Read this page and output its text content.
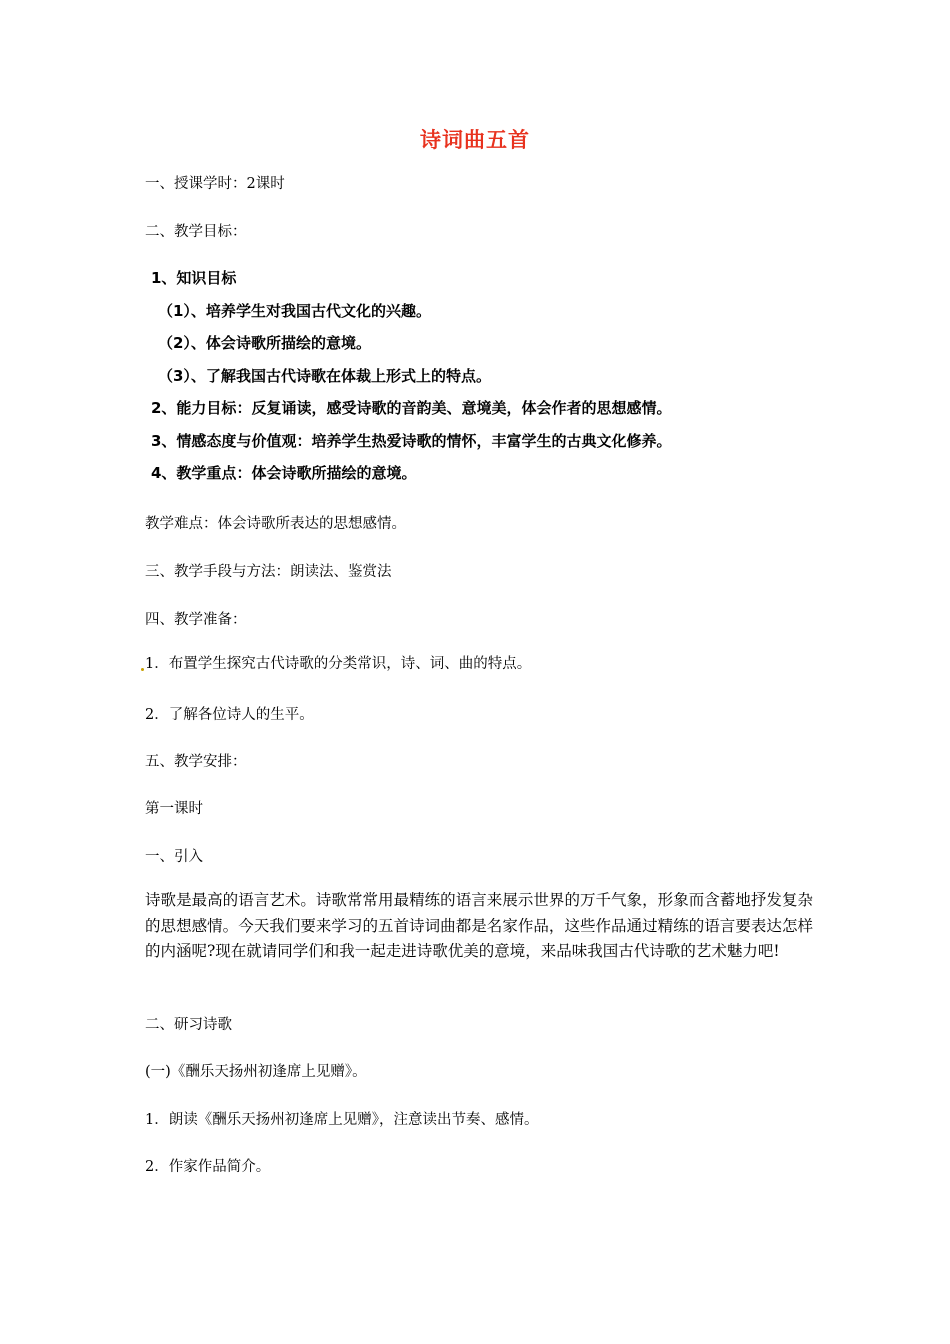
诗词曲五首
一、授课学时：2课时
二、教学目标：
1、知识目标
（1）、培养学生对我国古代文化的兴趣。
（2）、体会诗歌所描绘的意境。
（3）、了解我国古代诗歌在体裁上形式上的特点。
2、能力目标：反复诵读，感受诗歌的音韵美、意境美，体会作者的思想感情。
3、情感态度与价值观：培养学生热爱诗歌的情怀，丰富学生的古典文化修养。
4、教学重点：体会诗歌所描绘的意境。
教学难点：体会诗歌所表达的思想感情。
三、教学手段与方法：朗读法、鉴赏法
四、教学准备：
1．布置学生探究古代诗歌的分类常识，诗、词、曲的特点。
2．了解各位诗人的生平。
五、教学安排：
第一课时
一、引入
诗歌是最高的语言艺术。诗歌常常用最精练的语言来展示世界的万千气象，形象而含蓄地抒发复杂的思想感情。今天我们要来学习的五首诗词曲都是名家作品，这些作品通过精练的语言要表达怎样的内涵呢?现在就请同学们和我一起走进诗歌优美的意境，来品味我国古代诗歌的艺术魅力吧!
二、研习诗歌
(一)《酬乐天扬州初逢席上见赠》。
1．朗读《酬乐天扬州初逢席上见赠》，注意读出节奏、感情。
2．作家作品简介。
